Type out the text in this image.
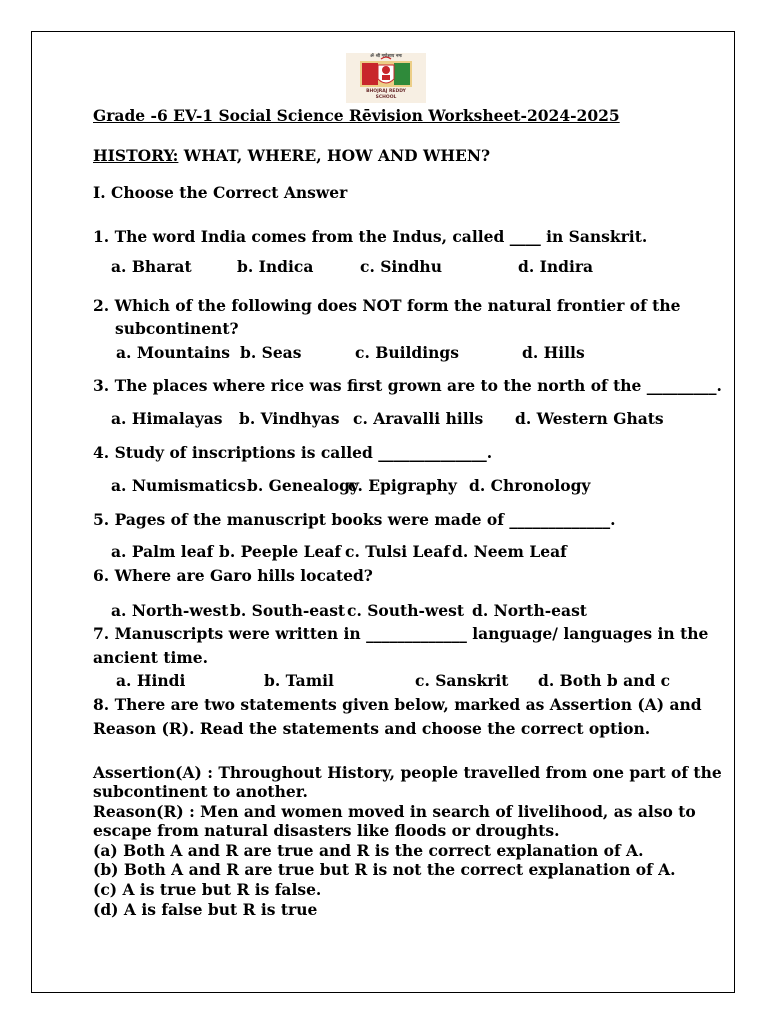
ॐ श्री गणेशाय नमः
BHOJRAJ REDDY
SCHOOL
Grade -6 EV-1 Social Science Rēvision Worksheet-2024-2025
HISTORY: WHAT, WHERE, HOW AND WHEN?
I. Choose the Correct Answer
1. The word India comes from the Indus, called ____ in Sanskrit.
a. Bharat	b. Indica	c. Sindhu	d. Indira
2. Which of the following does NOT form the natural frontier of the
subcontinent?
a. Mountains b. Seas	c. Buildings	d. Hills
3. The places where rice was first grown are to the north of the _________.
a. Himalayas b. Vindhyas c. Aravalli hills d. Western Ghats
4. Study of inscriptions is called ______________.
a. Numismatics b. Genealogy
c. Epigraphy d. Chronology
5. Pages of the manuscript books were made of _____________.
a. Palm leaf b. Peeple Leaf c. Tulsi Leaf d. Neem Leaf
6. Where are Garo hills located?
a. North-west b. South-east c. South-west d. North-east
7. Manuscripts were written in _____________ language/ languages in the
ancient time.
a. Hindi	b. Tamil	c. Sanskrit d. Both b and c
8. There are two statements given below, marked as Assertion (A) and
Reason (R). Read the statements and choose the correct option.
Assertion(A) : Throughout History, people travelled from one part of the
subcontinent to another.
Reason(R) : Men and women moved in search of livelihood, as also to
escape from natural disasters like floods or droughts.
(a) Both A and R are true and R is the correct explanation of A.
(b) Both A and R are true but R is not the correct explanation of A.
(c) A is true but R is false.
(d) A is false but R is true
